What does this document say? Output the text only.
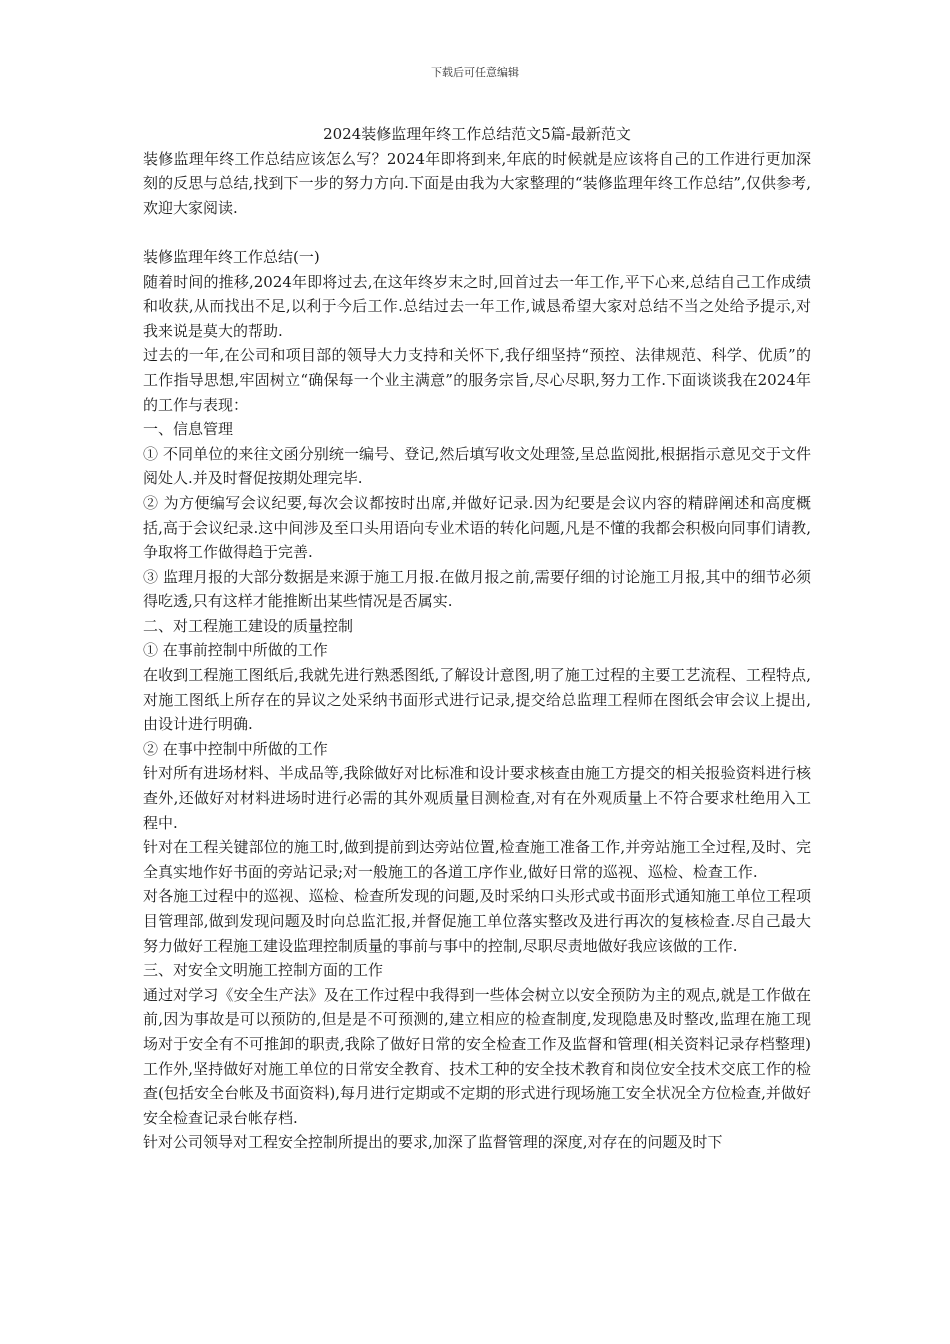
下载后可任意编辑
2024装修监理年终工作总结范文5篇-最新范文

装修监理年终工作总结应该怎么写？2024年即将到来,年底的时候就是应该将自己的工作进行更加深刻的反思与总结,找到下一步的努力方向.下面是由我为大家整理的“装修监理年终工作总结”,仅供参考,欢迎大家阅读.

装修监理年终工作总结(一)

随着时间的推移,2024年即将过去,在这年终岁末之时,回首过去一年工作,平下心来,总结自己工作成绩和收获,从而找出不足,以利于今后工作.总结过去一年工作,诚恳希望大家对总结不当之处给予提示,对我来说是莫大的帮助.

过去的一年,在公司和项目部的领导大力支持和关怀下,我仔细坚持“预控、法律规范、科学、优质”的工作指导思想,牢固树立“确保每一个业主满意”的服务宗旨,尽心尽职,努力工作.下面谈谈我在2024年的工作与表现：

一、信息管理

① 不同单位的来往文函分别统一编号、登记,然后填写收文处理签,呈总监阅批,根据指示意见交于文件阅处人.并及时督促按期处理完毕.

② 为方便编写会议纪要,每次会议都按时出席,并做好记录.因为纪要是会议内容的精辟阐述和高度概括,高于会议纪录.这中间涉及至口头用语向专业术语的转化问题,凡是不懂的我都会积极向同事们请教,争取将工作做得趋于完善.

③ 监理月报的大部分数据是来源于施工月报.在做月报之前,需要仔细的讨论施工月报,其中的细节必须得吃透,只有这样才能推断出某些情况是否属实.

二、对工程施工建设的质量控制

① 在事前控制中所做的工作

在收到工程施工图纸后,我就先进行熟悉图纸,了解设计意图,明了施工过程的主要工艺流程、工程特点,对施工图纸上所存在的异议之处采纳书面形式进行记录,提交给总监理工程师在图纸会审会议上提出,由设计进行明确.

② 在事中控制中所做的工作

针对所有进场材料、半成品等,我除做好对比标准和设计要求核查由施工方提交的相关报验资料进行核查外,还做好对材料进场时进行必需的其外观质量目测检查,对有在外观质量上不符合要求杜绝用入工程中.

针对在工程关键部位的施工时,做到提前到达旁站位置,检查施工准备工作,并旁站施工全过程,及时、完全真实地作好书面的旁站记录;对一般施工的各道工序作业,做好日常的巡视、巡检、检查工作.

对各施工过程中的巡视、巡检、检查所发现的问题,及时采纳口头形式或书面形式通知施工单位工程项目管理部,做到发现问题及时向总监汇报,并督促施工单位落实整改及进行再次的复核检查.尽自己最大努力做好工程施工建设监理控制质量的事前与事中的控制,尽职尽责地做好我应该做的工作.

三、对安全文明施工控制方面的工作

通过对学习《安全生产法》及在工作过程中我得到一些体会树立以安全预防为主的观点,就是工作做在前,因为事故是可以预防的,但是是不可预测的,建立相应的检查制度,发现隐患及时整改,监理在施工现场对于安全有不可推卸的职责,我除了做好日常的安全检查工作及监督和管理(相关资料记录存档整理)工作外,坚持做好对施工单位的日常安全教育、技术工种的安全技术教育和岗位安全技术交底工作的检查(包括安全台帐及书面资料),每月进行定期或不定期的形式进行现场施工安全状况全方位检查,并做好安全检查记录台帐存档.

针对公司领导对工程安全控制所提出的要求,加深了监督管理的深度,对存在的问题及时下
